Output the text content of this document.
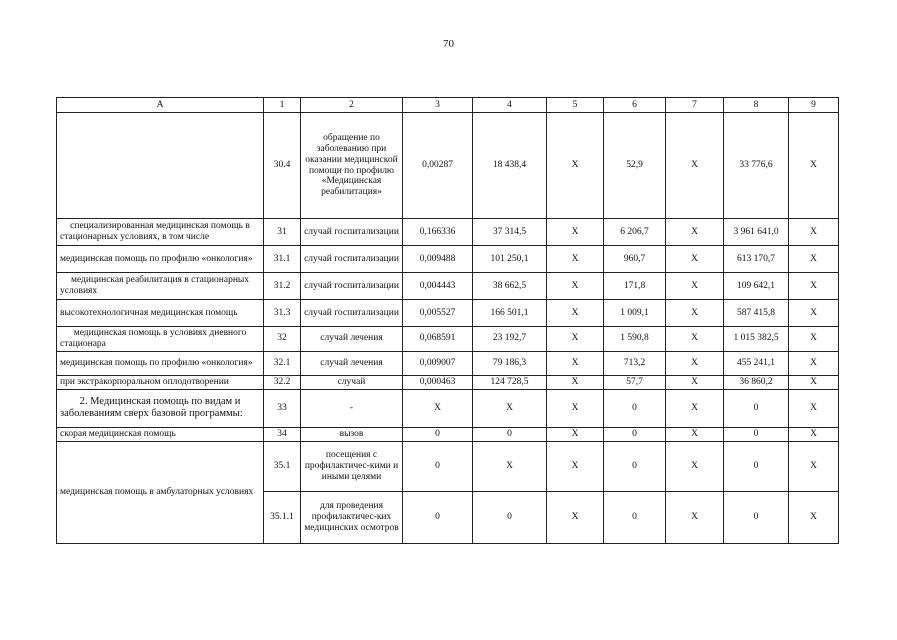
70
А	1	2	3	4	5	6	7	8	9
	30.4	обращение по заболеванию при оказании медицинской помощи по профилю «Медицинская реабилитация»	0,00287	18 438,4	Х	52,9	Х	33 776,6	Х
специализированная медицинская помощь в стационарных условиях, в том числе	31	случай госпитализации	0,166336	37 314,5	Х	6 206,7	Х	3 961 641,0	Х
медицинская помощь по профилю «онкология»	31.1	случай госпитализации	0,009488	101 250,1	Х	960,7	Х	613 170,7	Х
медицинская реабилитация в стационарных условиях	31.2	случай госпитализации	0,004443	38 662,5	Х	171,8	Х	109 642,1	Х
высокотехнологичная медицинская помощь	31.3	случай госпитализации	0,005527	166 501,1	Х	1 009,1	Х	587 415,8	Х
медицинская помощь в условиях дневного стационара	32	случай лечения	0,068591	23 192,7	Х	1 590,8	Х	1 015 382,5	Х
медицинская помощь по профилю «онкология»	32.1	случай лечения	0,009007	79 186,3	Х	713,2	Х	455 241,1	Х
при экстракорпоральном оплодотворении	32.2	случай	0,000463	124 728,5	Х	57,7	Х	36 860,2	Х
2. Медицинская помощь по видам и заболеваниям сверх базовой программы:	33	-	Х	Х	Х	0	Х	0	Х
скорая медицинская помощь	34	вызов	0	0	Х	0	Х	0	Х
медицинская помощь в амбулаторных условиях	35.1	посещения с профилактичес-кими и иными целями	0	Х	Х	0	Х	0	Х
	35.1.1	для проведения профилактичес-ких медицинских осмотров	0	0	Х	0	Х	0	Х
